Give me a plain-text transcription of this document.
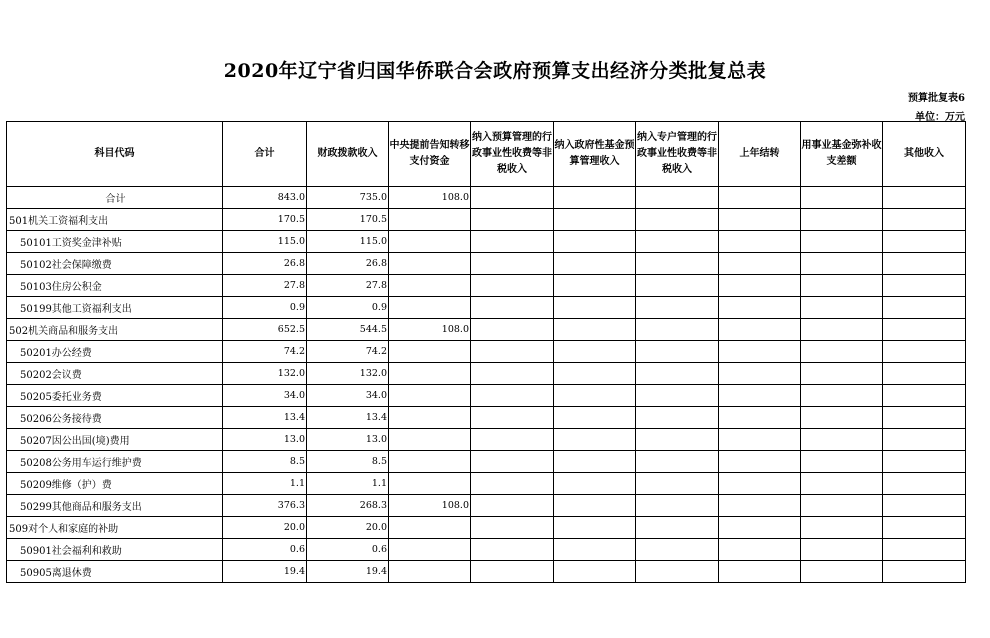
2020年辽宁省归国华侨联合会政府预算支出经济分类批复总表
预算批复表6
单位：万元
科目代码	合计	财政拨款收入	中央提前告知转移支付资金	纳入预算管理的行政事业性收费等非税收入	纳入政府性基金预算管理收入	纳入专户管理的行政事业性收费等非税收入	上年结转	用事业基金弥补收支差额	其他收入
合计	843.0	735.0	108.0						
501机关工资福利支出	170.5	170.5							
50101工资奖金津补贴	115.0	115.0							
50102社会保障缴费	26.8	26.8							
50103住房公积金	27.8	27.8							
50199其他工资福利支出	0.9	0.9							
502机关商品和服务支出	652.5	544.5	108.0						
50201办公经费	74.2	74.2							
50202会议费	132.0	132.0							
50205委托业务费	34.0	34.0							
50206公务接待费	13.4	13.4							
50207因公出国(境)费用	13.0	13.0							
50208公务用车运行维护费	8.5	8.5							
50209维修（护）费	1.1	1.1							
50299其他商品和服务支出	376.3	268.3	108.0						
509对个人和家庭的补助	20.0	20.0							
50901社会福利和救助	0.6	0.6							
50905离退休费	19.4	19.4							
